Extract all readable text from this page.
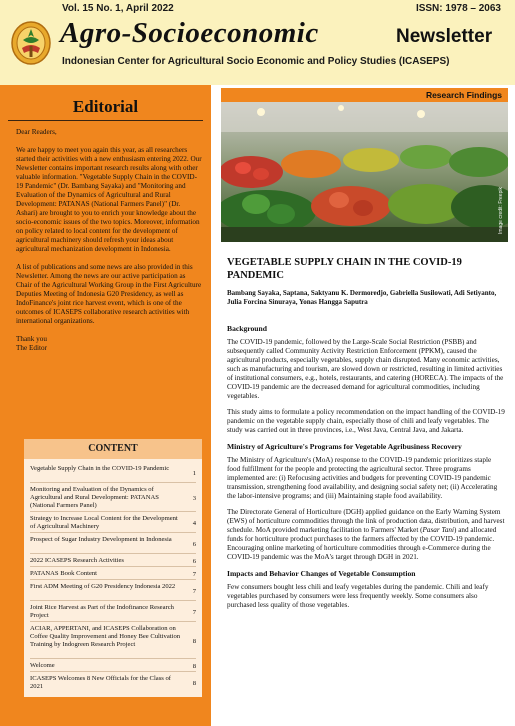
Vol. 15 No. 1, April 2022	ISSN: 1978 – 2063
Agro-Socioeconomic	Newsletter
Indonesian Center for Agricultural Socio Economic and Policy Studies (ICASEPS)
Editorial

Dear Readers,

We are happy to meet you again this year, as all researchers started their activities with a new enthusiasm entering 2022. Our Newsletter contains important research results along with other valuable information. "Vegetable Supply Chain in the COVID-19 Pandemic" (Dr. Bambang Sayaka) and "Monitoring and Evaluation of the Dynamics of Agricultural and Rural Development: PATANAS (National Farmers Panel)" (Dr. Ashari) are brought to you to enrich your knowledge about the socio-economic issues of the two topics. Moreover, information on policy related to local content for the development of agricultural machinery should refresh your ideas about agricultural mechanization development in Indonesia.

A list of publications and some news are also provided in this Newsletter. Among the news are our active participation as Chair of the Agricultural Working Group in the First Agriculture Deputies Meeting of Indonesia G20 Presidency, as well as IndoFinance's joint rice harvest event, which is one of the outcomes of ICASEPS collaborative research activities with international organizations.

Thank you

The Editor

CONTENT
Vegetable Supply Chain in the COVID-19 Pandemic
1
Monitoring and Evaluation of the Dynamics of Agricultural and Rural Development: PATANAS (National Farmers Panel)
3
Strategy to Increase Local Content for the Development of Agricultural Machinery	4
Prospect of Sugar Industry Development in Indonesia
6
2022 ICASEPS Research Activities	6
PATANAS Book Content	7
First ADM Meeting of G20 Presidency Indonesia 2022
7
Joint Rice Harvest as Part of the Indofinance Research Project	7
ACIAR, APPERTANI, and ICASEPS Collaboration on Coffee Quality Improvement and Honey Bee Cultivation Training by Indogreen Research Project	8
Welcome	8
ICASEPS Welcomes 8 New Officials for the Class of 2021	8
Research Findings
Image credit: Freepik
VEGETABLE SUPPLY CHAIN IN THE COVID-19 PANDEMIC
Bambang Sayaka, Saptana, Saktyanu K. Dermoredjo, Gabriella Susilowati, Adi Setiyanto, Julia Forcina Sinuraya, Yonas Hangga Saputra
Background

The COVID-19 pandemic, followed by the Large-Scale Social Restriction (PSBB) and subsequently called Community Activity Restriction Enforcement (PPKM), caused the agricultural products, especially vegetables, supply chain disrupted. Many economic activities, such as manufacturing and tourism, are slowed down or restricted, resulting in limited activities of institutional consumers, e.g., hotels, restaurants, and catering (HORECA). The impacts of the COVID-19 pandemic are the decreased demand for agricultural commodities, including vegetables.

This study aims to formulate a policy recommendation on the impact handling of the COVID-19 pandemic on the vegetable supply chain, especially those of chili and leafy vegetables. The study was carried out in three provinces, i.e., West Java, Central Java, and Jakarta.

Ministry of Agriculture's Programs for Vegetable Agribusiness Recovery

The Ministry of Agriculture's (MoA) response to the COVID-19 pandemic prioritizes staple food fulfillment for the people and protecting the agricultural sector. Three programs implemented are: (i) Refocusing activities and budgets for preventing COVID-19 pandemic transmission, strengthening food availability, and designing social safety net; (ii) Accelerating the labor-intensive programs; and (iii) Maintaining staple food availability.

The Directorate General of Horticulture (DGH) applied guidance on the Early Warning System (EWS) of horticulture commodities through the link of production data, distribution, and harvest schedule. MoA provided marketing facilitation to Farmers' Market (Pasar Tani) and allocated funds for horticulture product purchases to the farmers affected by the COVID-19 pandemic. Encouraging online marketing of horticulture commodities through e-Commerce during the COVID-19 pandemic was the MoA's target through DGH in 2021.

Impacts and Behavior Changes of Vegetable Consumption

Few consumers bought less chili and leafy vegetables during the pandemic. Chili and leafy vegetables purchased by consumers were less frequently weekly. Some consumers also purchased less quality of those vegetables.
